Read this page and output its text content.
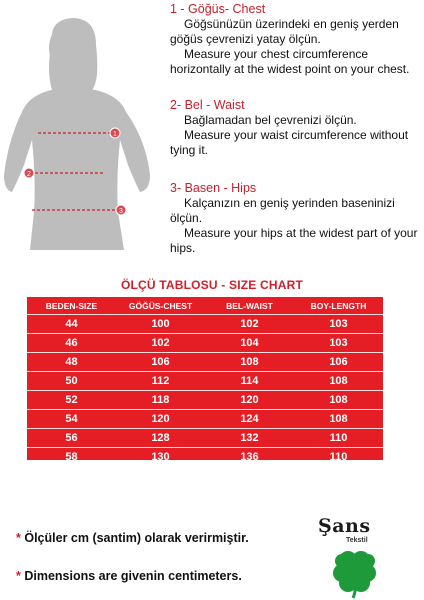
1
2
3

1 - Göğüs- Chest

Göğsünüzün üzerindeki en geniş yerden göğüs çevrenizi yatay ölçün.

Measure your chest circumference horizontally at the widest point on your chest.

2- Bel - Waist

Bağlamadan bel çevrenizi ölçün.

Measure your waist circumference without tying it.

3- Basen - Hips

Kalçanızın en geniş yerinden baseninizi ölçün.

Measure your hips at the widest part of your hips.

ÖLÇÜ TABLOSU - SIZE CHART
BEDEN-SIZE	GÖĞÜS-CHEST	BEL-WAIST	BOY-LENGTH
44	100	102	103
46	102	104	103
48	106	108	106
50	112	114	108
52	118	120	108
54	120	124	108
56	128	132	110
58	130	136	110
* Ölçüler cm (santim) olarak verirmiştir.
* Dimensions are givenin centimeters.
Şans
Tekstil
